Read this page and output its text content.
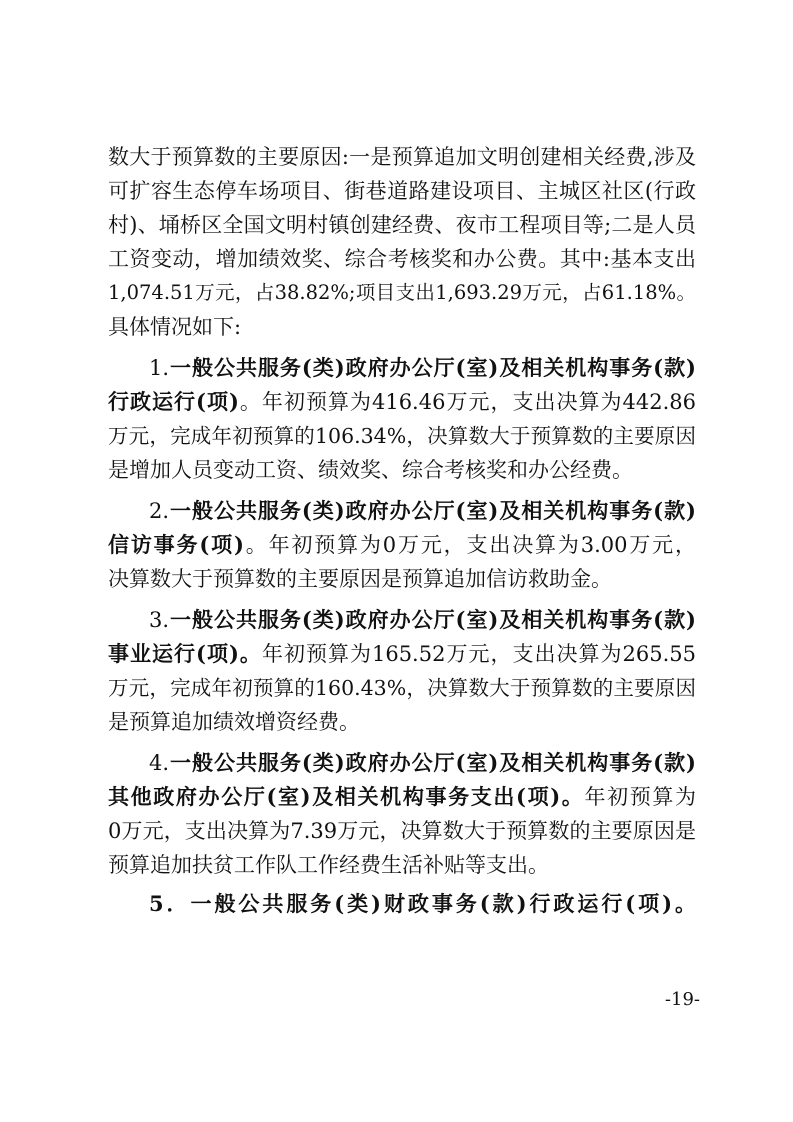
数大于预算数的主要原因:一是预算追加文明创建相关经费,涉及
可扩容生态停车场项目、街巷道路建设项目、主城区社区(行政
村)、埇桥区全国文明村镇创建经费、夜市工程项目等;二是人员
工资变动，增加绩效奖、综合考核奖和办公费。其中:基本支出
1,074.51万元，占38.82%;项目支出1,693.29万元，占61.18%。
具体情况如下:
1.一般公共服务(类)政府办公厅(室)及相关机构事务(款)
行政运行(项)。年初预算为416.46万元，支出决算为442.86
万元，完成年初预算的106.34%，决算数大于预算数的主要原因
是增加人员变动工资、绩效奖、综合考核奖和办公经费。
2.一般公共服务(类)政府办公厅(室)及相关机构事务(款)
信访事务(项)。年初预算为0万元，支出决算为3.00万元，
决算数大于预算数的主要原因是预算追加信访救助金。
3.一般公共服务(类)政府办公厅(室)及相关机构事务(款)
事业运行(项)。年初预算为165.52万元，支出决算为265.55
万元，完成年初预算的160.43%，决算数大于预算数的主要原因
是预算追加绩效增资经费。
4.一般公共服务(类)政府办公厅(室)及相关机构事务(款)
其他政府办公厅(室)及相关机构事务支出(项)。年初预算为
0万元，支出决算为7.39万元，决算数大于预算数的主要原因是
预算追加扶贫工作队工作经费生活补贴等支出。
5．一般公共服务(类)财政事务(款)行政运行(项)。
-19-
